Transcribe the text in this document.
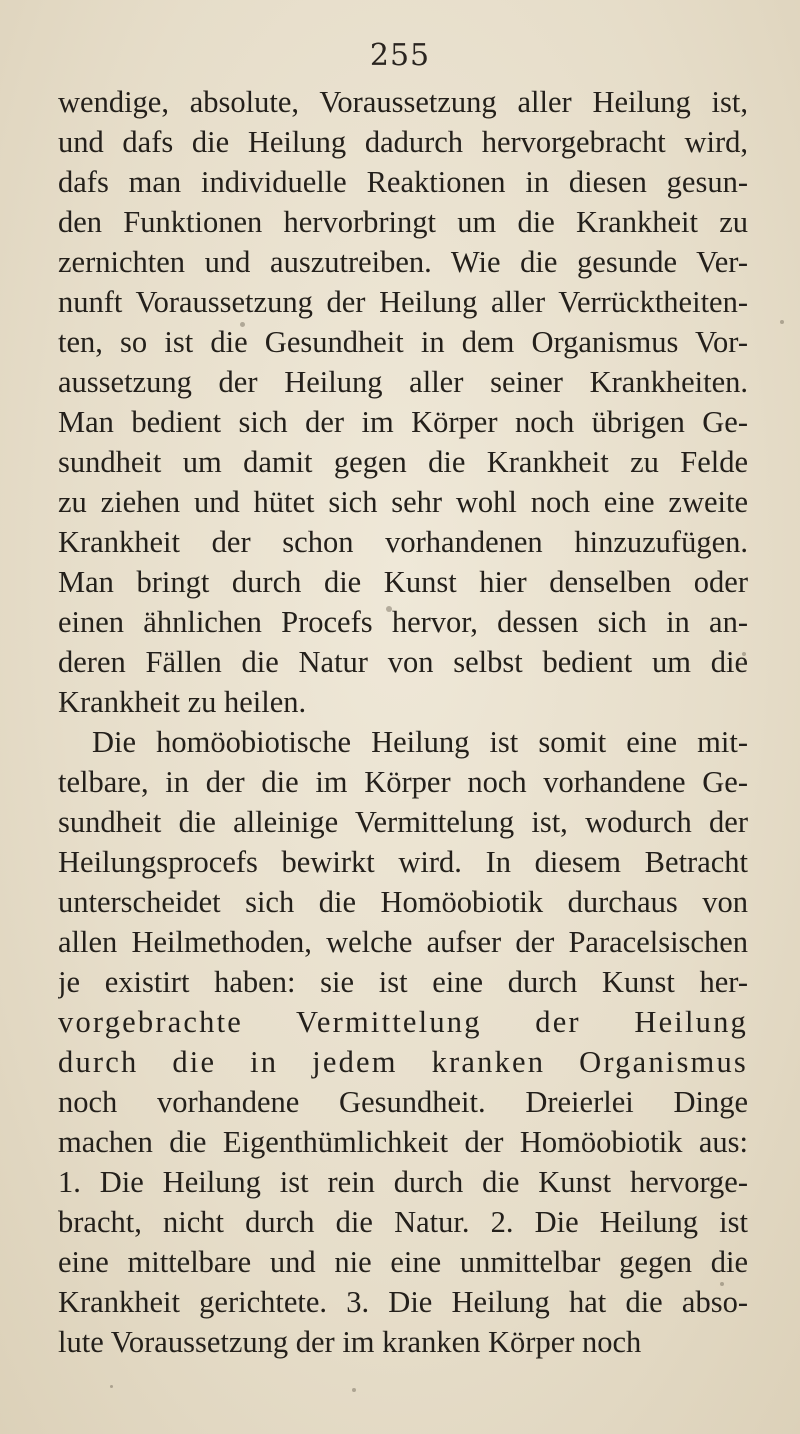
255
wendige, absolute, Voraussetzung aller Heilung ist,
und dafs die Heilung dadurch hervorgebracht wird,
dafs man individuelle Reaktionen in diesen gesun-
den Funktionen hervorbringt um die Krankheit zu
zernichten und auszutreiben. Wie die gesunde Ver-
nunft Voraussetzung der Heilung aller Verrücktheiten-
ten, so ist die Gesundheit in dem Organismus Vor-
aussetzung der Heilung aller seiner Krankheiten.
Man bedient sich der im Körper noch übrigen Ge-
sundheit um damit gegen die Krankheit zu Felde
zu ziehen und hütet sich sehr wohl noch eine zweite
Krankheit der schon vorhandenen hinzuzufügen.
Man bringt durch die Kunst hier denselben oder
einen ähnlichen Procefs hervor, dessen sich in an-
deren Fällen die Natur von selbst bedient um die
Krankheit zu heilen.
Die homöobiotische Heilung ist somit eine mit-
telbare, in der die im Körper noch vorhandene Ge-
sundheit die alleinige Vermittelung ist, wodurch der
Heilungsprocefs bewirkt wird. In diesem Betracht
unterscheidet sich die Homöobiotik durchaus von
allen Heilmethoden, welche aufser der Paracelsischen
je existirt haben: sie ist eine durch Kunst her-
vorgebrachte Vermittelung der Heilung
durch die in jedem kranken Organismus
noch vorhandene Gesundheit. Dreierlei Dinge
machen die Eigenthümlichkeit der Homöobiotik aus:
1. Die Heilung ist rein durch die Kunst hervorge-
bracht, nicht durch die Natur. 2. Die Heilung ist
eine mittelbare und nie eine unmittelbar gegen die
Krankheit gerichtete. 3. Die Heilung hat die abso-
lute Voraussetzung der im kranken Körper noch
